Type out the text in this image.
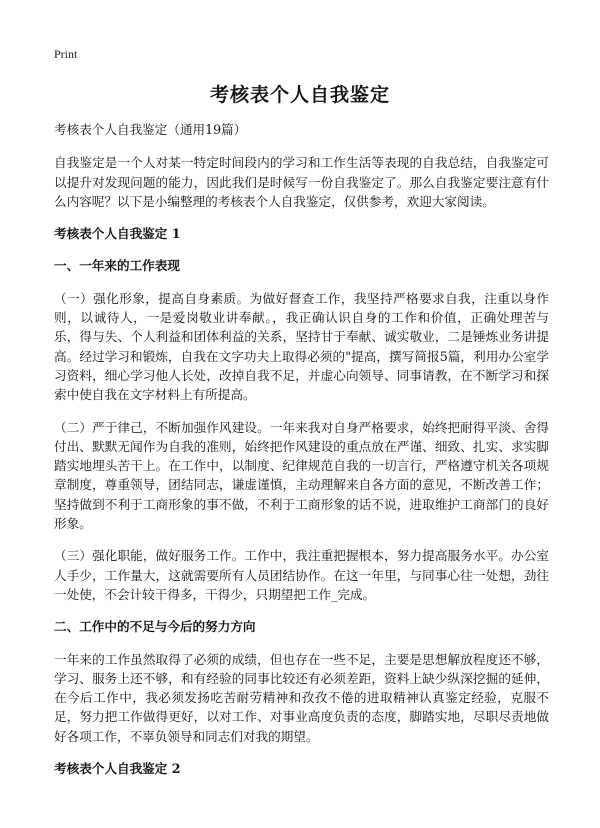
Print
考核表个人自我鉴定

考核表个人自我鉴定（通用19篇）

自我鉴定是一个人对某一特定时间段内的学习和工作生活等表现的自我总结，自我鉴定可以提升对发现问题的能力，因此我们是时候写一份自我鉴定了。那么自我鉴定要注意有什么内容呢？以下是小编整理的考核表个人自我鉴定，仅供参考，欢迎大家阅读。

考核表个人自我鉴定 1

一、一年来的工作表现

（一）强化形象，提高自身素质。为做好督查工作，我坚持严格要求自我，注重以身作则，以诚待人，一是爱岗敬业讲奉献。，我正确认识自身的工作和价值，正确处理苦与乐，得与失、个人利益和团体利益的关系，坚持甘于奉献、诚实敬业，二是锤炼业务讲提高。经过学习和锻炼，自我在文字功夫上取得必须的"提高，撰写简报5篇，利用办公室学习资料，细心学习他人长处，改掉自我不足，并虚心向领导、同事请教，在不断学习和探索中使自我在文字材料上有所提高。

（二）严于律己，不断加强作风建设。一年来我对自身严格要求，始终把耐得平淡、舍得付出、默默无闻作为自我的准则，始终把作风建设的重点放在严谨、细致、扎实、求实脚踏实地埋头苦干上。在工作中，以制度、纪律规范自我的一切言行，严格遵守机关各项规章制度，尊重领导，团结同志，谦虚谨慎，主动理解来自各方面的意见，不断改善工作；坚持做到不利于工商形象的事不做，不利于工商形象的话不说，进取维护工商部门的良好形象。

（三）强化职能，做好服务工作。工作中，我注重把握根本，努力提高服务水平。办公室人手少，工作量大，这就需要所有人员团结协作。在这一年里，与同事心往一处想，劲往一处使，不会计较干得多，干得少，只期望把工作_完成。

二、工作中的不足与今后的努力方向

一年来的工作虽然取得了必须的成绩，但也存在一些不足，主要是思想解放程度还不够，学习、服务上还不够，和有经验的同事比较还有必须差距，资料上缺少纵深挖掘的延伸，在今后工作中，我必须发扬吃苦耐劳精神和孜孜不倦的进取精神认真鉴定经验，克服不足，努力把工作做得更好，以对工作、对事业高度负责的态度，脚踏实地，尽职尽责地做好各项工作，不辜负领导和同志们对我的期望。

考核表个人自我鉴定 2
